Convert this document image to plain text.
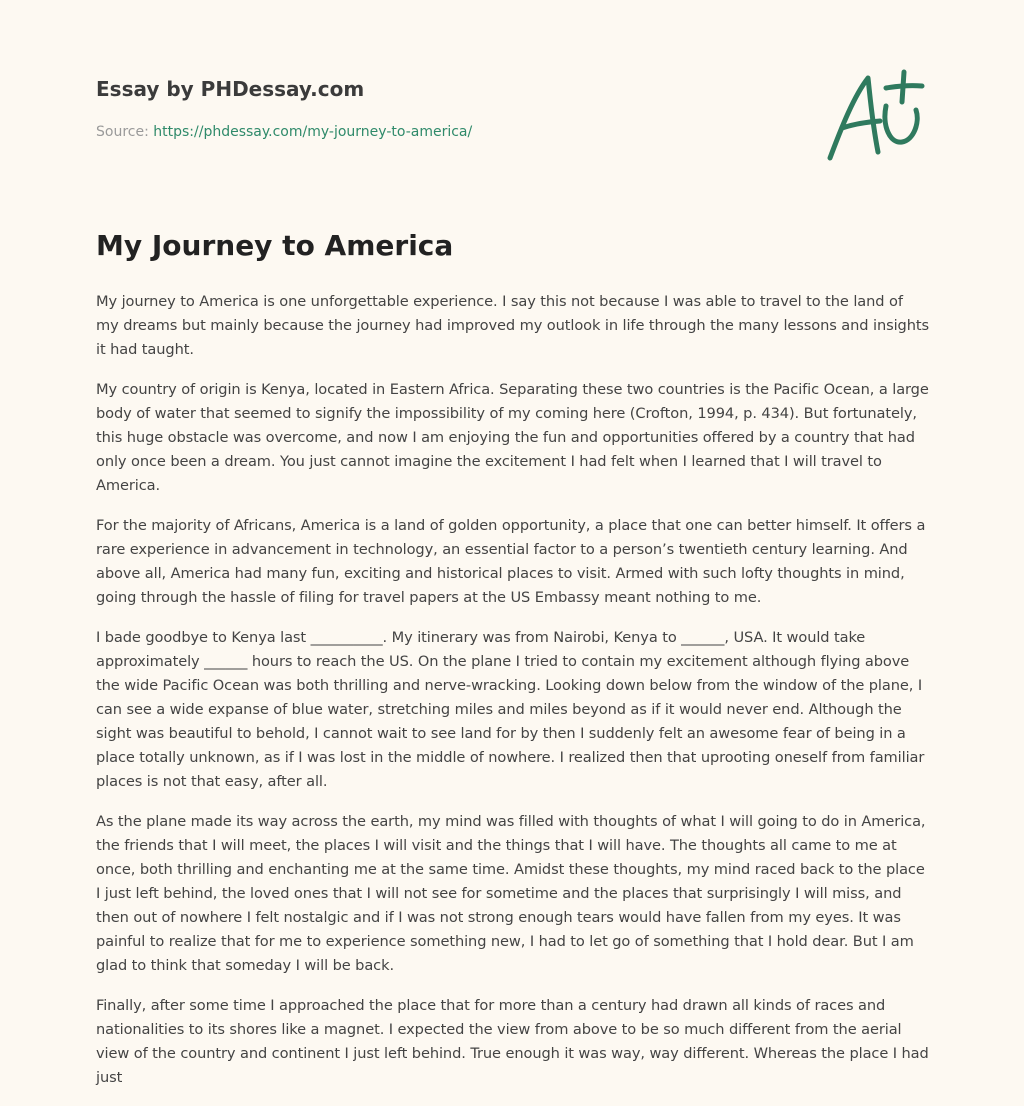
Essay by PHDessay.com
Source: https://phdessay.com/my-journey-to-america/
My Journey to America

My journey to America is one unforgettable experience. I say this not because I was able to travel to the land of my dreams but mainly because the journey had improved my outlook in life through the many lessons and insights it had taught.

My country of origin is Kenya, located in Eastern Africa. Separating these two countries is the Pacific Ocean, a large body of water that seemed to signify the impossibility of my coming here (Crofton, 1994, p. 434). But fortunately, this huge obstacle was overcome, and now I am enjoying the fun and opportunities offered by a country that had only once been a dream. You just cannot imagine the excitement I had felt when I learned that I will travel to America.

For the majority of Africans, America is a land of golden opportunity, a place that one can better himself. It offers a rare experience in advancement in technology, an essential factor to a person’s twentieth century learning. And above all, America had many fun, exciting and historical places to visit. Armed with such lofty thoughts in mind, going through the hassle of filing for travel papers at the US Embassy meant nothing to me.

I bade goodbye to Kenya last __________. My itinerary was from Nairobi, Kenya to ______, USA. It would take approximately ______ hours to reach the US. On the plane I tried to contain my excitement although flying above the wide Pacific Ocean was both thrilling and nerve-wracking. Looking down below from the window of the plane, I can see a wide expanse of blue water, stretching miles and miles beyond as if it would never end. Although the sight was beautiful to behold, I cannot wait to see land for by then I suddenly felt an awesome fear of being in a place totally unknown, as if I was lost in the middle of nowhere. I realized then that uprooting oneself from familiar places is not that easy, after all.

As the plane made its way across the earth, my mind was filled with thoughts of what I will going to do in America, the friends that I will meet, the places I will visit and the things that I will have. The thoughts all came to me at once, both thrilling and enchanting me at the same time. Amidst these thoughts, my mind raced back to the place I just left behind, the loved ones that I will not see for sometime and the places that surprisingly I will miss, and then out of nowhere I felt nostalgic and if I was not strong enough tears would have fallen from my eyes. It was painful to realize that for me to experience something new, I had to let go of something that I hold dear. But I am glad to think that someday I will be back.

Finally, after some time I approached the place that for more than a century had drawn all kinds of races and nationalities to its shores like a magnet. I expected the view from above to be so much different from the aerial view of the country and continent I just left behind. True enough it was way, way different. Whereas the place I had just
